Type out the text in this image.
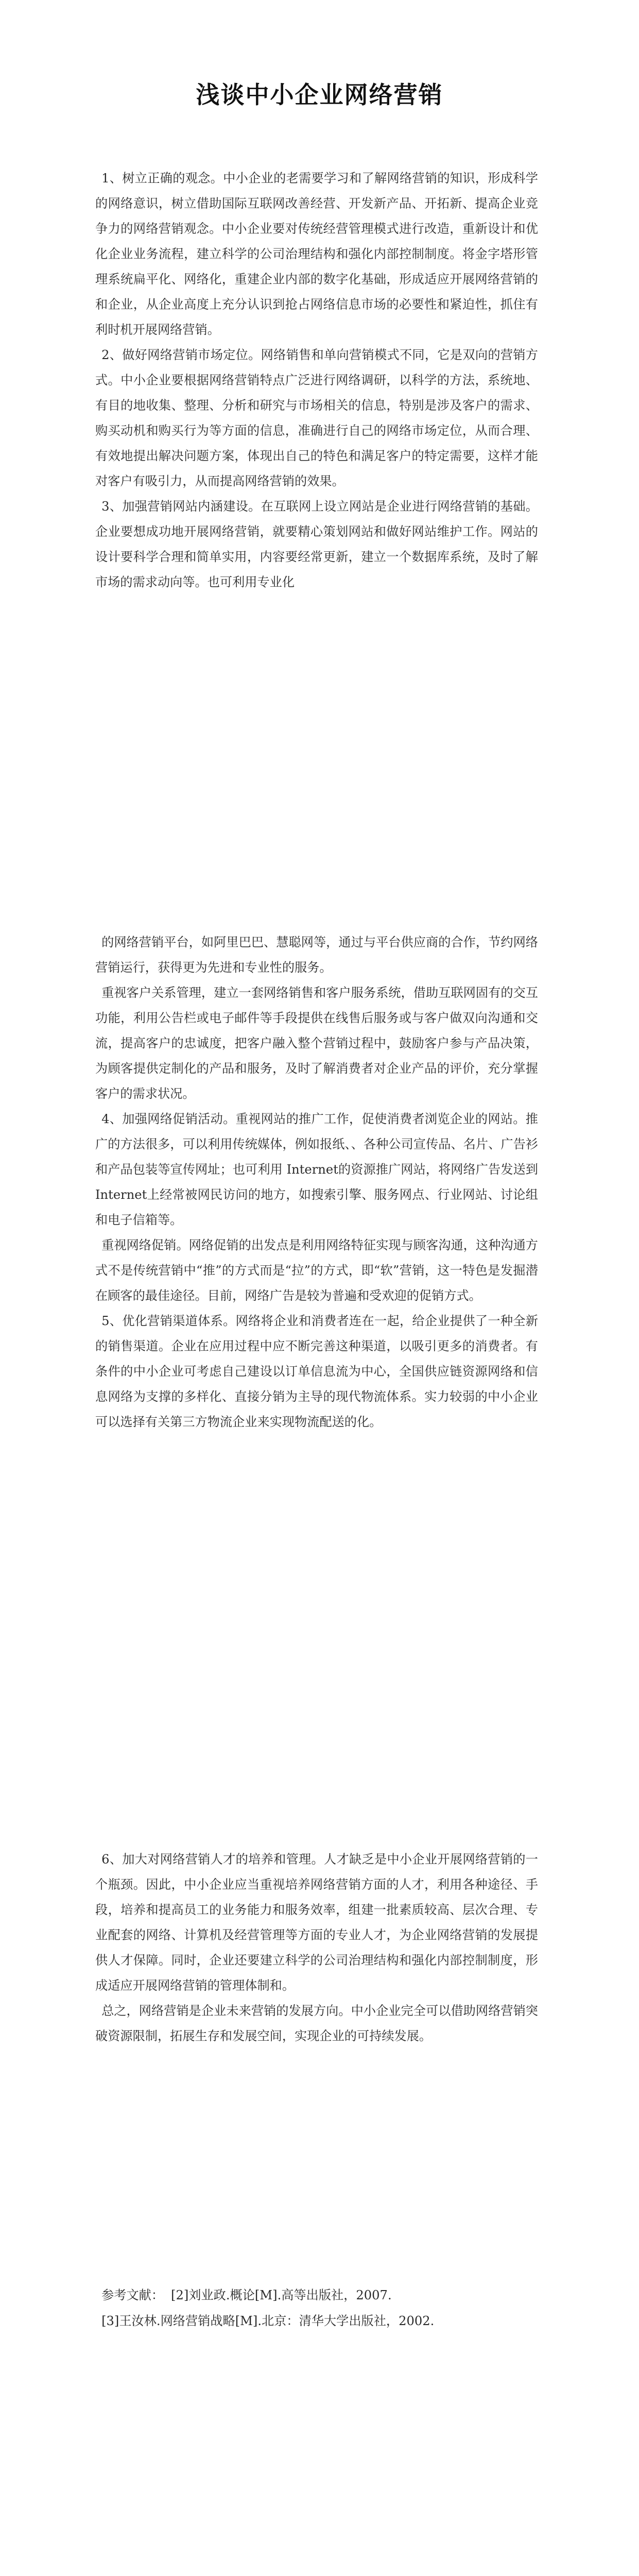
浅谈中小企业网络营销

1、树立正确的观念。中小企业的老需要学习和了解网络营销的知识，形成科学的网络意识，树立借助国际互联网改善经营、开发新产品、开拓新、提高企业竞争力的网络营销观念。中小企业要对传统经营管理模式进行改造，重新设计和优化企业业务流程，建立科学的公司治理结构和强化内部控制制度。将金字塔形管理系统扁平化、网络化，重建企业内部的数字化基础，形成适应开展网络营销的和企业，从企业高度上充分认识到抢占网络信息市场的必要性和紧迫性，抓住有利时机开展网络营销。

2、做好网络营销市场定位。网络销售和单向营销模式不同，它是双向的营销方式。中小企业要根据网络营销特点广泛进行网络调研，以科学的方法，系统地、有目的地收集、整理、分析和研究与市场相关的信息，特别是涉及客户的需求、购买动机和购买行为等方面的信息，准确进行自己的网络市场定位，从而合理、有效地提出解决问题方案，体现出自己的特色和满足客户的特定需要，这样才能对客户有吸引力，从而提高网络营销的效果。

3、加强营销网站内涵建设。在互联网上设立网站是企业进行网络营销的基础。企业要想成功地开展网络营销，就要精心策划网站和做好网站维护工作。网站的设计要科学合理和简单实用，内容要经常更新，建立一个数据库系统，及时了解市场的需求动向等。也可利用专业化

的网络营销平台，如阿里巴巴、慧聪网等，通过与平台供应商的合作，节约网络营销运行，获得更为先进和专业性的服务。

重视客户关系管理，建立一套网络销售和客户服务系统，借助互联网固有的交互功能，利用公告栏或电子邮件等手段提供在线售后服务或与客户做双向沟通和交流，提高客户的忠诚度，把客户融入整个营销过程中，鼓励客户参与产品决策，为顾客提供定制化的产品和服务，及时了解消费者对企业产品的评价，充分掌握客户的需求状况。

4、加强网络促销活动。重视网站的推广工作，促使消费者浏览企业的网站。推广的方法很多，可以利用传统媒体，例如报纸、、各种公司宣传品、名片、广告衫和产品包装等宣传网址；也可利用 Internet的资源推广网站，将网络广告发送到 Internet上经常被网民访问的地方，如搜索引擎、服务网点、行业网站、讨论组和电子信箱等。

重视网络促销。网络促销的出发点是利用网络特征实现与顾客沟通，这种沟通方式不是传统营销中“推”的方式而是“拉”的方式，即“软”营销，这一特色是发掘潜在顾客的最佳途径。目前，网络广告是较为普遍和受欢迎的促销方式。

5、优化营销渠道体系。网络将企业和消费者连在一起，给企业提供了一种全新的销售渠道。企业在应用过程中应不断完善这种渠道，以吸引更多的消费者。有条件的中小企业可考虑自己建设以订单信息流为中心，全国供应链资源网络和信息网络为支撑的多样化、直接分销为主导的现代物流体系。实力较弱的中小企业可以选择有关第三方物流企业来实现物流配送的化。

6、加大对网络营销人才的培养和管理。人才缺乏是中小企业开展网络营销的一个瓶颈。因此，中小企业应当重视培养网络营销方面的人才，利用各种途径、手段，培养和提高员工的业务能力和服务效率，组建一批素质较高、层次合理、专业配套的网络、计算机及经营管理等方面的专业人才，为企业网络营销的发展提供人才保障。同时，企业还要建立科学的公司治理结构和强化内部控制制度，形成适应开展网络营销的管理体制和。

总之，网络营销是企业未来营销的发展方向。中小企业完全可以借助网络营销突破资源限制，拓展生存和发展空间，实现企业的可持续发展。

参考文献： [2]刘业政.概论[M].高等出版社，2007.

[3]王汝林.网络营销战略[M].北京：清华大学出版社，2002.
